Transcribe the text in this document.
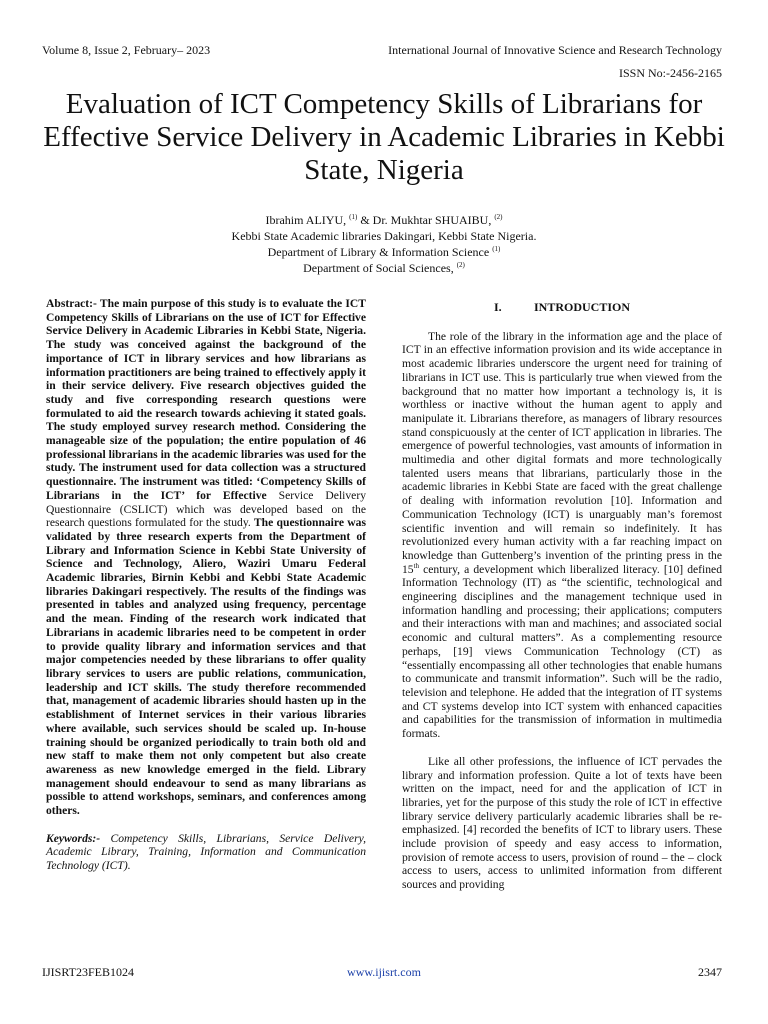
Volume 8, Issue 2, February– 2023	International Journal of Innovative Science and Research Technology
ISSN No:-2456-2165
Evaluation of ICT Competency Skills of Librarians for Effective Service Delivery in Academic Libraries in Kebbi State, Nigeria
Ibrahim ALIYU, $^{(1)}$ & Dr. Mukhtar SHUAIBU, $^{(2)}$
Kebbi State Academic libraries Dakingari, Kebbi State Nigeria.
Department of Library & Information Science $^{(1)}$
Department of Social Sciences, $^{(2)}$

Abstract:- The main purpose of this study is to evaluate the ICT Competency Skills of Librarians on the use of ICT for Effective Service Delivery in Academic Libraries in Kebbi State, Nigeria. The study was conceived against the background of the importance of ICT in library services and how librarians as information practitioners are being trained to effectively apply it in their service delivery. Five research objectives guided the study and five corresponding research questions were formulated to aid the research towards achieving it stated goals. The study employed survey research method. Considering the manageable size of the population; the entire population of 46 professional librarians in the academic libraries was used for the study. The instrument used for data collection was a structured questionnaire. The instrument was titled: ‘Competency Skills of Librarians in the ICT’ for Effective Service Delivery Questionnaire (CSLICT) which was developed based on the research questions formulated for the study. The questionnaire was validated by three research experts from the Department of Library and Information Science in Kebbi State University of Science and Technology, Aliero, Waziri Umaru Federal Academic libraries, Birnin Kebbi and Kebbi State Academic libraries Dakingari respectively. The results of the findings was presented in tables and analyzed using frequency, percentage and the mean. Finding of the research work indicated that Librarians in academic libraries need to be competent in order to provide quality library and information services and that major competencies needed by these librarians to offer quality library services to users are public relations, communication, leadership and ICT skills. The study therefore recommended that, management of academic libraries should hasten up in the establishment of Internet services in their various libraries where available, such services should be scaled up. In-house training should be organized periodically to train both old and new staff to make them not only competent but also create awareness as new knowledge emerged in the field. Library management should endeavour to send as many librarians as possible to attend workshops, seminars, and conferences among others.

Keywords:- Competency Skills, Librarians, Service Delivery, Academic Library, Training, Information and Communication Technology (ICT).

I.	INTRODUCTION

The role of the library in the information age and the place of ICT in an effective information provision and its wide acceptance in most academic libraries underscore the urgent need for training of librarians in ICT use. This is particularly true when viewed from the background that no matter how important a technology is, it is worthless or inactive without the human agent to apply and manipulate it. Librarians therefore, as managers of library resources stand conspicuously at the center of ICT application in libraries. The emergence of powerful technologies, vast amounts of information in multimedia and other digital formats and more technologically talented users means that librarians, particularly those in the academic libraries in Kebbi State are faced with the great challenge of dealing with information revolution [10]. Information and Communication Technology (ICT) is unarguably man’s foremost scientific invention and will remain so indefinitely. It has revolutionized every human activity with a far reaching impact on knowledge than Guttenberg’s invention of the printing press in the 15th century, a development which liberalized literacy. [10] defined Information Technology (IT) as “the scientific, technological and engineering disciplines and the management technique used in information handling and processing; their applications; computers and their interactions with man and machines; and associated social economic and cultural matters”. As a complementing resource perhaps, [19] views Communication Technology (CT) as “essentially encompassing all other technologies that enable humans to communicate and transmit information”. Such will be the radio, television and telephone. He added that the integration of IT systems and CT systems develop into ICT system with enhanced capacities and capabilities for the transmission of information in multimedia formats.

Like all other professions, the influence of ICT pervades the library and information profession. Quite a lot of texts have been written on the impact, need for and the application of ICT in libraries, yet for the purpose of this study the role of ICT in effective library service delivery particularly academic libraries shall be re-emphasized. [4] recorded the benefits of ICT to library users. These include provision of speedy and easy access to information, provision of remote access to users, provision of round – the – clock access to users, access to unlimited information from different sources and providing

IJISRT23FEB1024	www.ijisrt.com	2347
